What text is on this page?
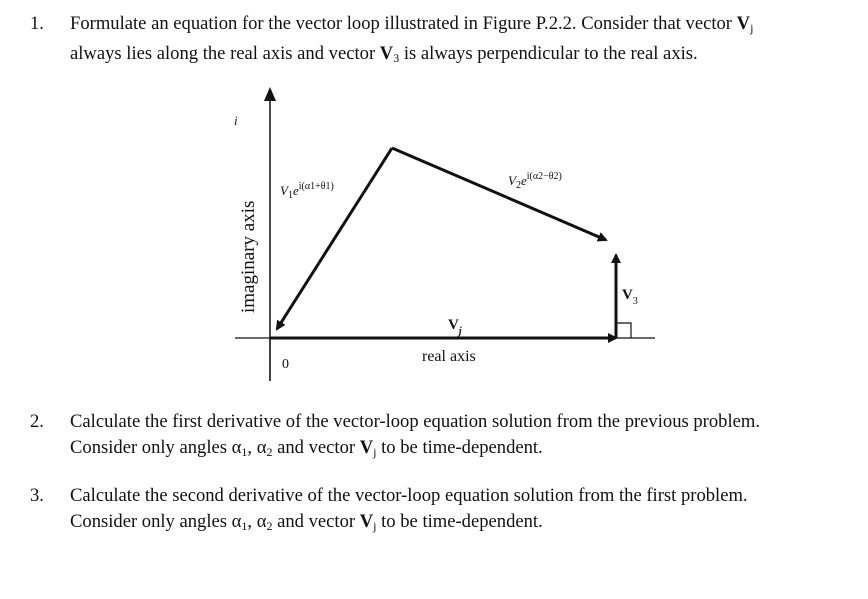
1.	Formulate an equation for the vector loop illustrated in Figure P.2.2. Consider that vector $V_j$
always lies along the real axis and vector $V_3$ is always perpendicular to the real axis.
i
imaginary axis
0	real axis
$V_1e^{i(\alpha 1+\theta 1)}$	$V_2e^{i(\alpha 2-\theta 2)}$
$V_j$
$V_3$
2.	Calculate the first derivative of the vector-loop equation solution from the previous problem.
Consider only angles $\alpha_1$, $\alpha_2$ and vector $V_j$ to be time-dependent.
3.	Calculate the second derivative of the vector-loop equation solution from the first problem.
Consider only angles $\alpha_1$, $\alpha_2$ and vector $V_j$ to be time-dependent.
